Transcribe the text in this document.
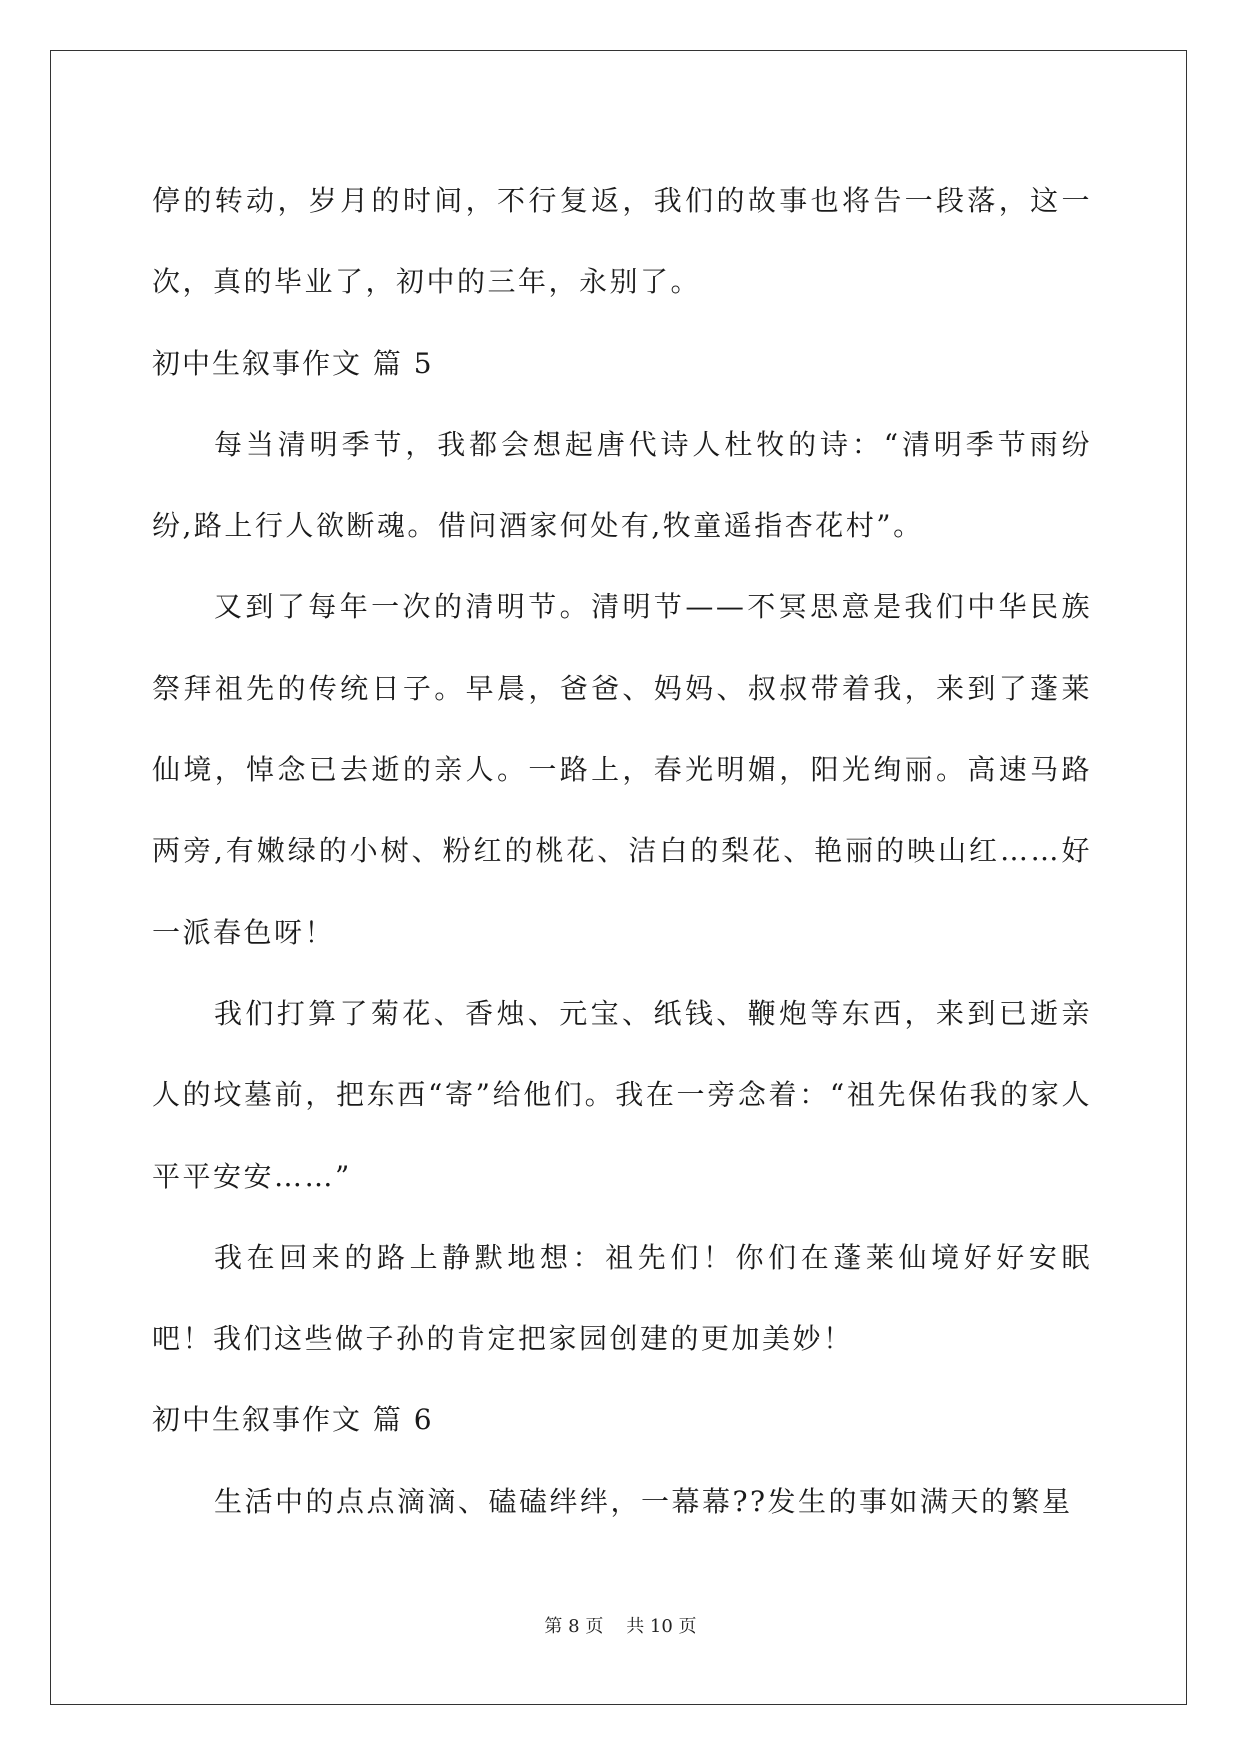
停的转动，岁月的时间，不行复返，我们的故事也将告一段落，这一次，真的毕业了，初中的三年，永别了。

初中生叙事作文 篇 5

每当清明季节，我都会想起唐代诗人杜牧的诗：“清明季节雨纷纷,路上行人欲断魂。借问酒家何处有,牧童遥指杏花村”。

又到了每年一次的清明节。清明节——不冥思意是我们中华民族祭拜祖先的传统日子。早晨，爸爸、妈妈、叔叔带着我，来到了蓬莱仙境，悼念已去逝的亲人。一路上，春光明媚，阳光绚丽。高速马路两旁,有嫩绿的小树、粉红的桃花、洁白的梨花、艳丽的映山红……好一派春色呀！

我们打算了菊花、香烛、元宝、纸钱、鞭炮等东西，来到已逝亲人的坟墓前，把东西“寄”给他们。我在一旁念着：“祖先保佑我的家人平平安安……”

我在回来的路上静默地想：祖先们！你们在蓬莱仙境好好安眠吧！我们这些做子孙的肯定把家园创建的更加美妙！

初中生叙事作文 篇 6

生活中的点点滴滴、磕磕绊绊，一幕幕??发生的事如满天的繁星

第 8 页    共 10 页
